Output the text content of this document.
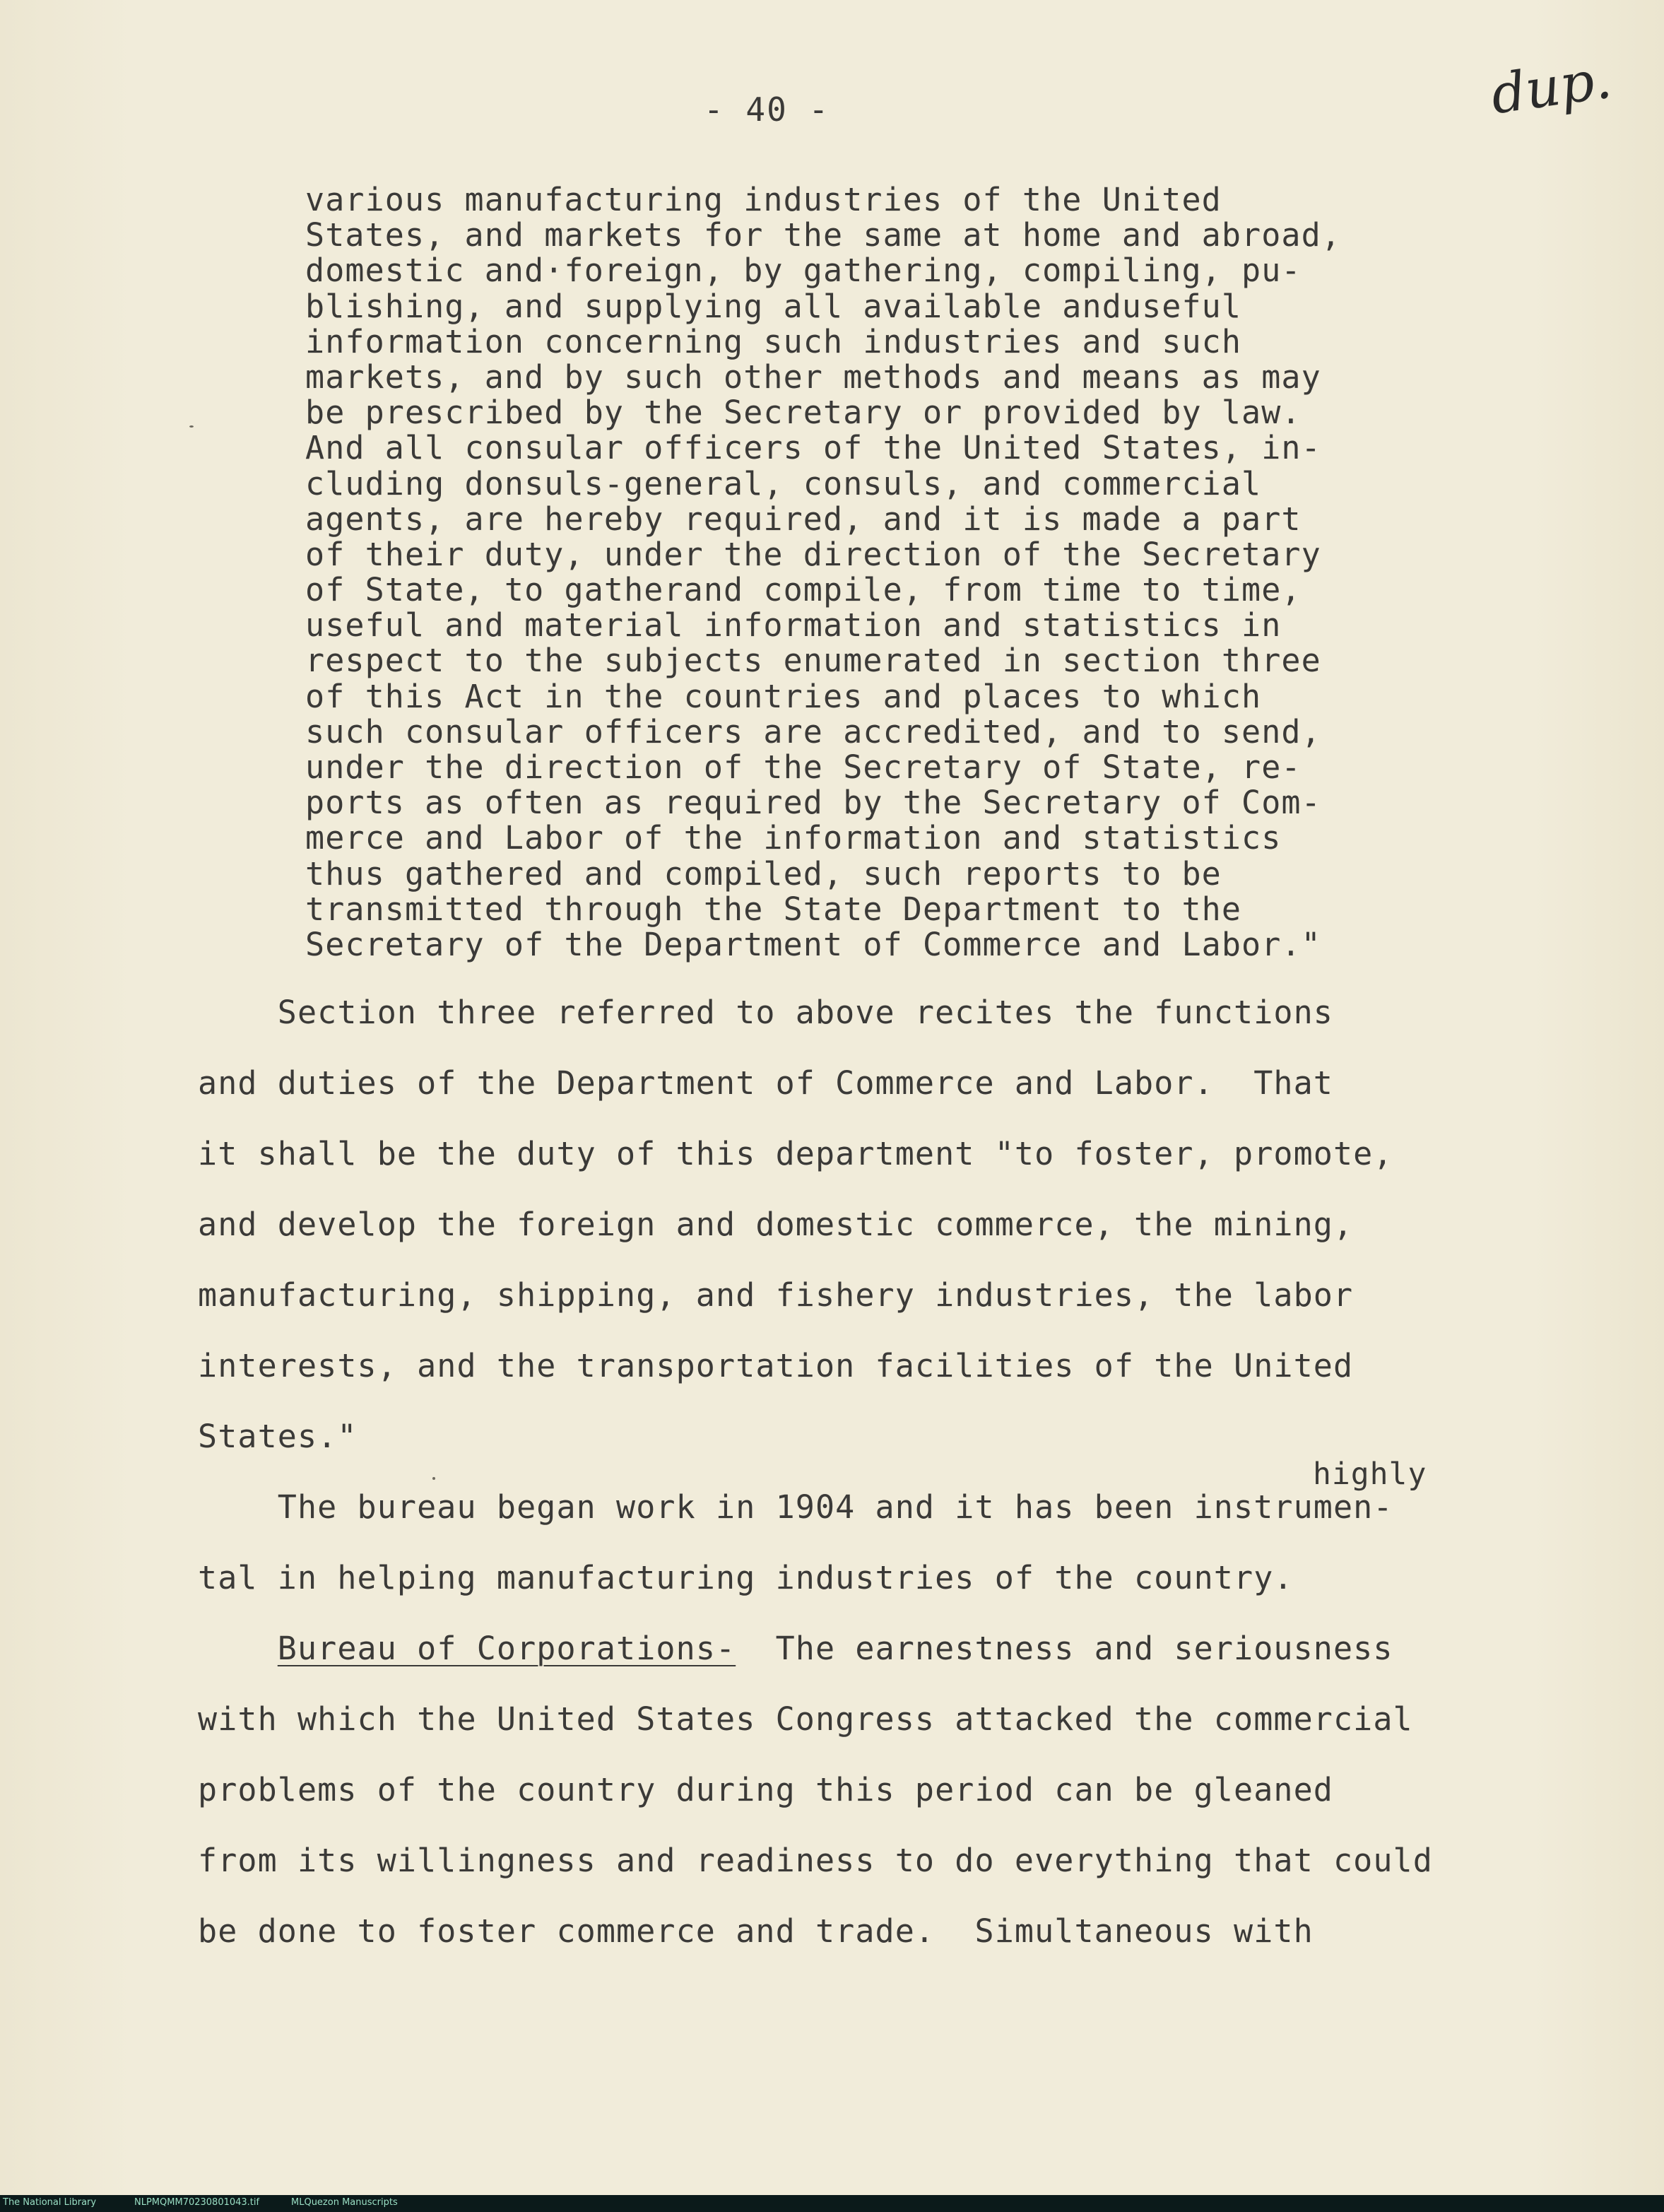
- 40 -	dup.
various manufacturing industries of the United
States, and markets for the same at home and abroad,
domestic and·foreign, by gathering, compiling, pu-
blishing, and supplying all available anduseful
information concerning such industries and such
markets, and by such other methods and means as may
be prescribed by the Secretary or provided by law.
And all consular officers of the United States, in-
cluding donsuls-general, consuls, and commercial
agents, are hereby required, and it is made a part
of their duty, under the direction of the Secretary
of State, to gatherand compile, from time to time,
useful and material information and statistics in
respect to the subjects enumerated in section three
of this Act in the countries and places to which
such consular officers are accredited, and to send,
under the direction of the Secretary of State, re-
ports as often as required by the Secretary of Com-
merce and Labor of the information and statistics
thus gathered and compiled, such reports to be
transmitted through the State Department to the
Secretary of the Department of Commerce and Labor."
Section three referred to above recites the functions
and duties of the Department of Commerce and Labor.  That
it shall be the duty of this department "to foster, promote,
and develop the foreign and domestic commerce, the mining,
manufacturing, shipping, and fishery industries, the labor
interests, and the transportation facilities of the United
States."
highly
The bureau began work in 1904 and it has been instrumen-
tal in helping manufacturing industries of the country.
Bureau of Corporations-  The earnestness and seriousness
with which the United States Congress attacked the commercial
problems of the country during this period can be gleaned
from its willingness and readiness to do everything that could
be done to foster commerce and trade.  Simultaneous with
The National Library	NLPMQMM70230801043.tif	MLQuezon Manuscripts
